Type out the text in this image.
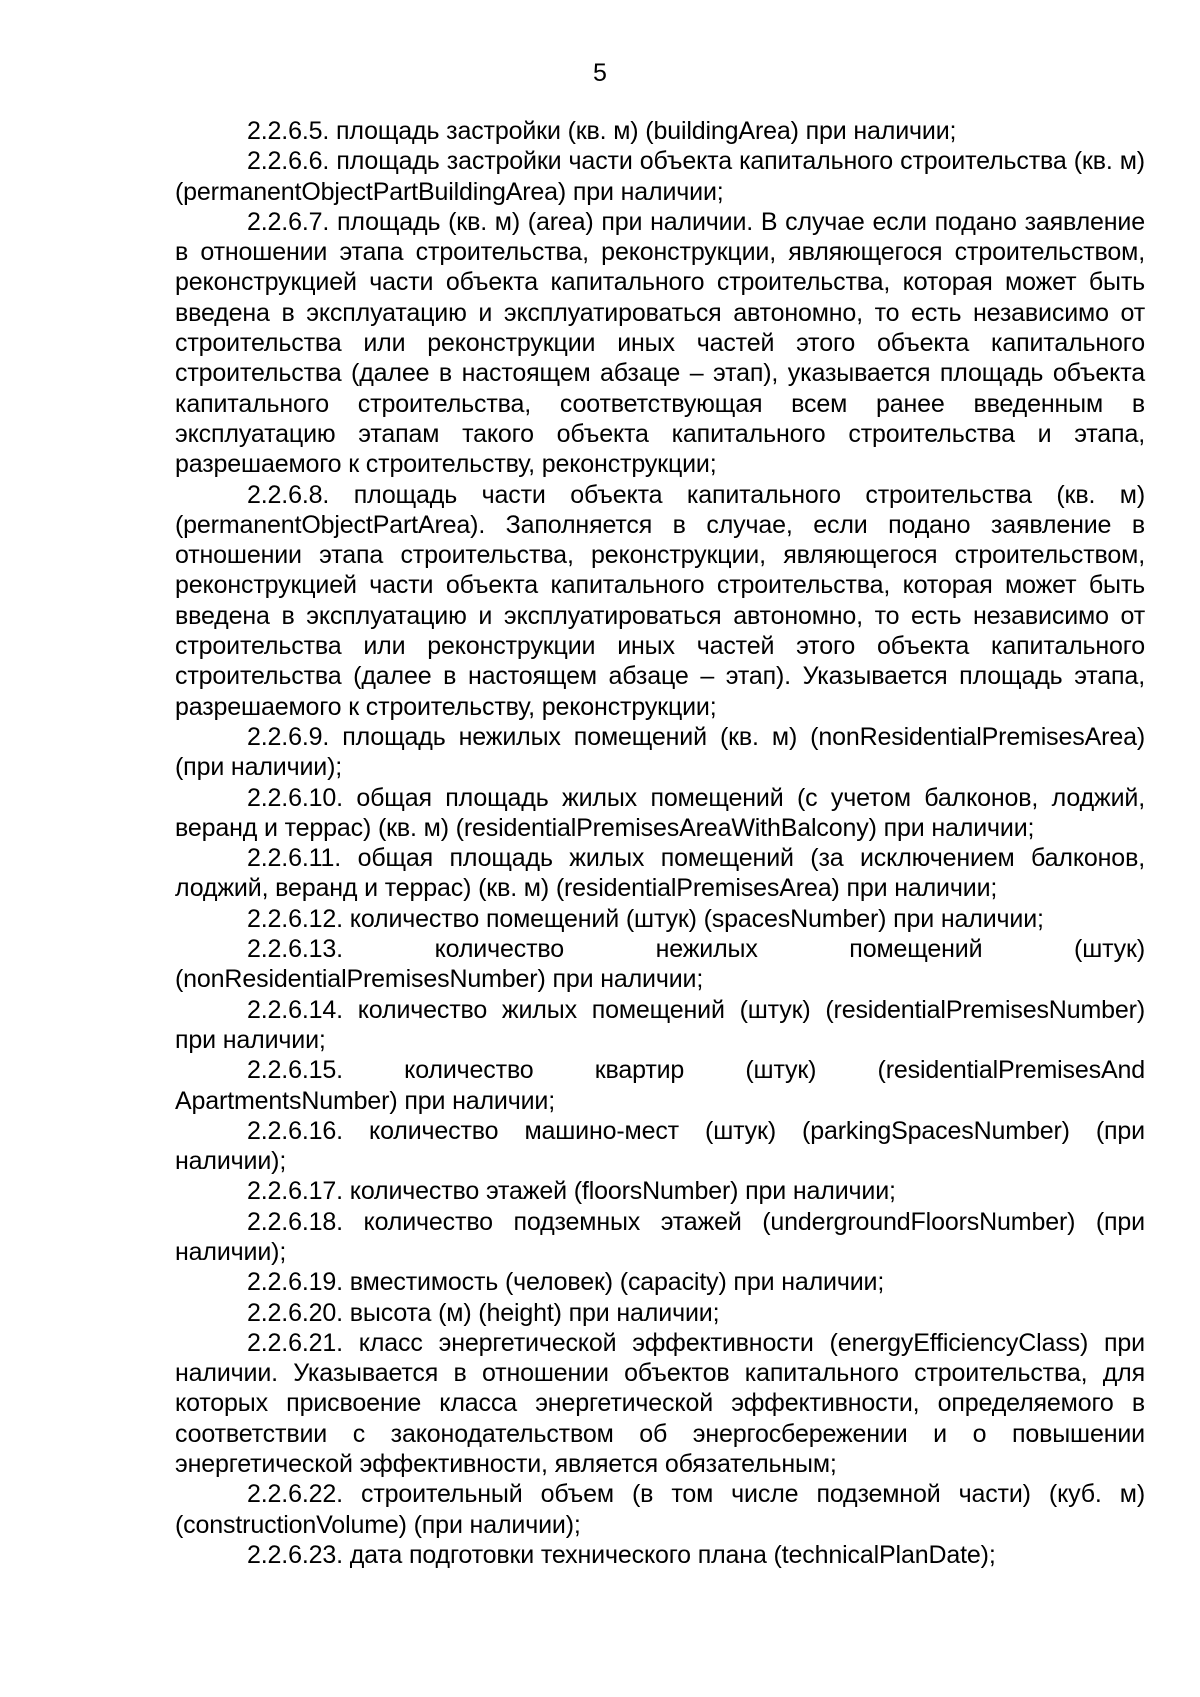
5

2.2.6.5. площадь застройки (кв. м) (buildingArea) при наличии;

2.2.6.6. площадь застройки части объекта капитального строительства (кв. м) (permanentObjectPartBuildingArea) при наличии;

2.2.6.7. площадь (кв. м) (area) при наличии. В случае если подано заявление в отношении этапа строительства, реконструкции, являющегося строительством, реконструкцией части объекта капитального строительства, которая может быть введена в эксплуатацию и эксплуатироваться автономно, то есть независимо от строительства или реконструкции иных частей этого объекта капитального строительства (далее в настоящем абзаце – этап), указывается площадь объекта капитального строительства, соответствующая всем ранее введенным в эксплуатацию этапам такого объекта капитального строительства и этапа, разрешаемого к строительству, реконструкции;

2.2.6.8. площадь части объекта капитального строительства (кв. м) (permanentObjectPartArea). Заполняется в случае, если подано заявление в отношении этапа строительства, реконструкции, являющегося строительством, реконструкцией части объекта капитального строительства, которая может быть введена в эксплуатацию и эксплуатироваться автономно, то есть независимо от строительства или реконструкции иных частей этого объекта капитального строительства (далее в настоящем абзаце – этап). Указывается площадь этапа, разрешаемого к строительству, реконструкции;

2.2.6.9. площадь нежилых помещений (кв. м) (nonResidentialPremisesArea) (при наличии);

2.2.6.10. общая площадь жилых помещений (с учетом балконов, лоджий, веранд и террас) (кв. м) (residentialPremisesAreaWithBalcony) при наличии;

2.2.6.11. общая площадь жилых помещений (за исключением балконов, лоджий, веранд и террас) (кв. м) (residentialPremisesArea) при наличии;

2.2.6.12. количество помещений (штук) (spacesNumber) при наличии;

2.2.6.13.	количество нежилых помещений (штук) (nonResidentialPremisesNumber) при наличии;

2.2.6.14. количество жилых помещений (штук) (residentialPremisesNumber) при наличии;

2.2.6.15. количество квартир (штук) (residentialPremisesAnd ApartmentsNumber) при наличии;

2.2.6.16. количество машино-мест (штук) (parkingSpacesNumber) (при наличии);

2.2.6.17. количество этажей (floorsNumber) при наличии;

2.2.6.18. количество подземных этажей (undergroundFloorsNumber) (при наличии);

2.2.6.19. вместимость (человек) (capacity) при наличии;

2.2.6.20. высота (м) (height) при наличии;

2.2.6.21. класс энергетической эффективности (energyEfficiencyClass) при наличии. Указывается в отношении объектов капитального строительства, для которых присвоение класса энергетической эффективности, определяемого в соответствии с законодательством об энергосбережении и о повышении энергетической эффективности, является обязательным;

2.2.6.22. строительный объем (в том числе подземной части) (куб. м) (constructionVolume) (при наличии);

2.2.6.23. дата подготовки технического плана (technicalPlanDate);
